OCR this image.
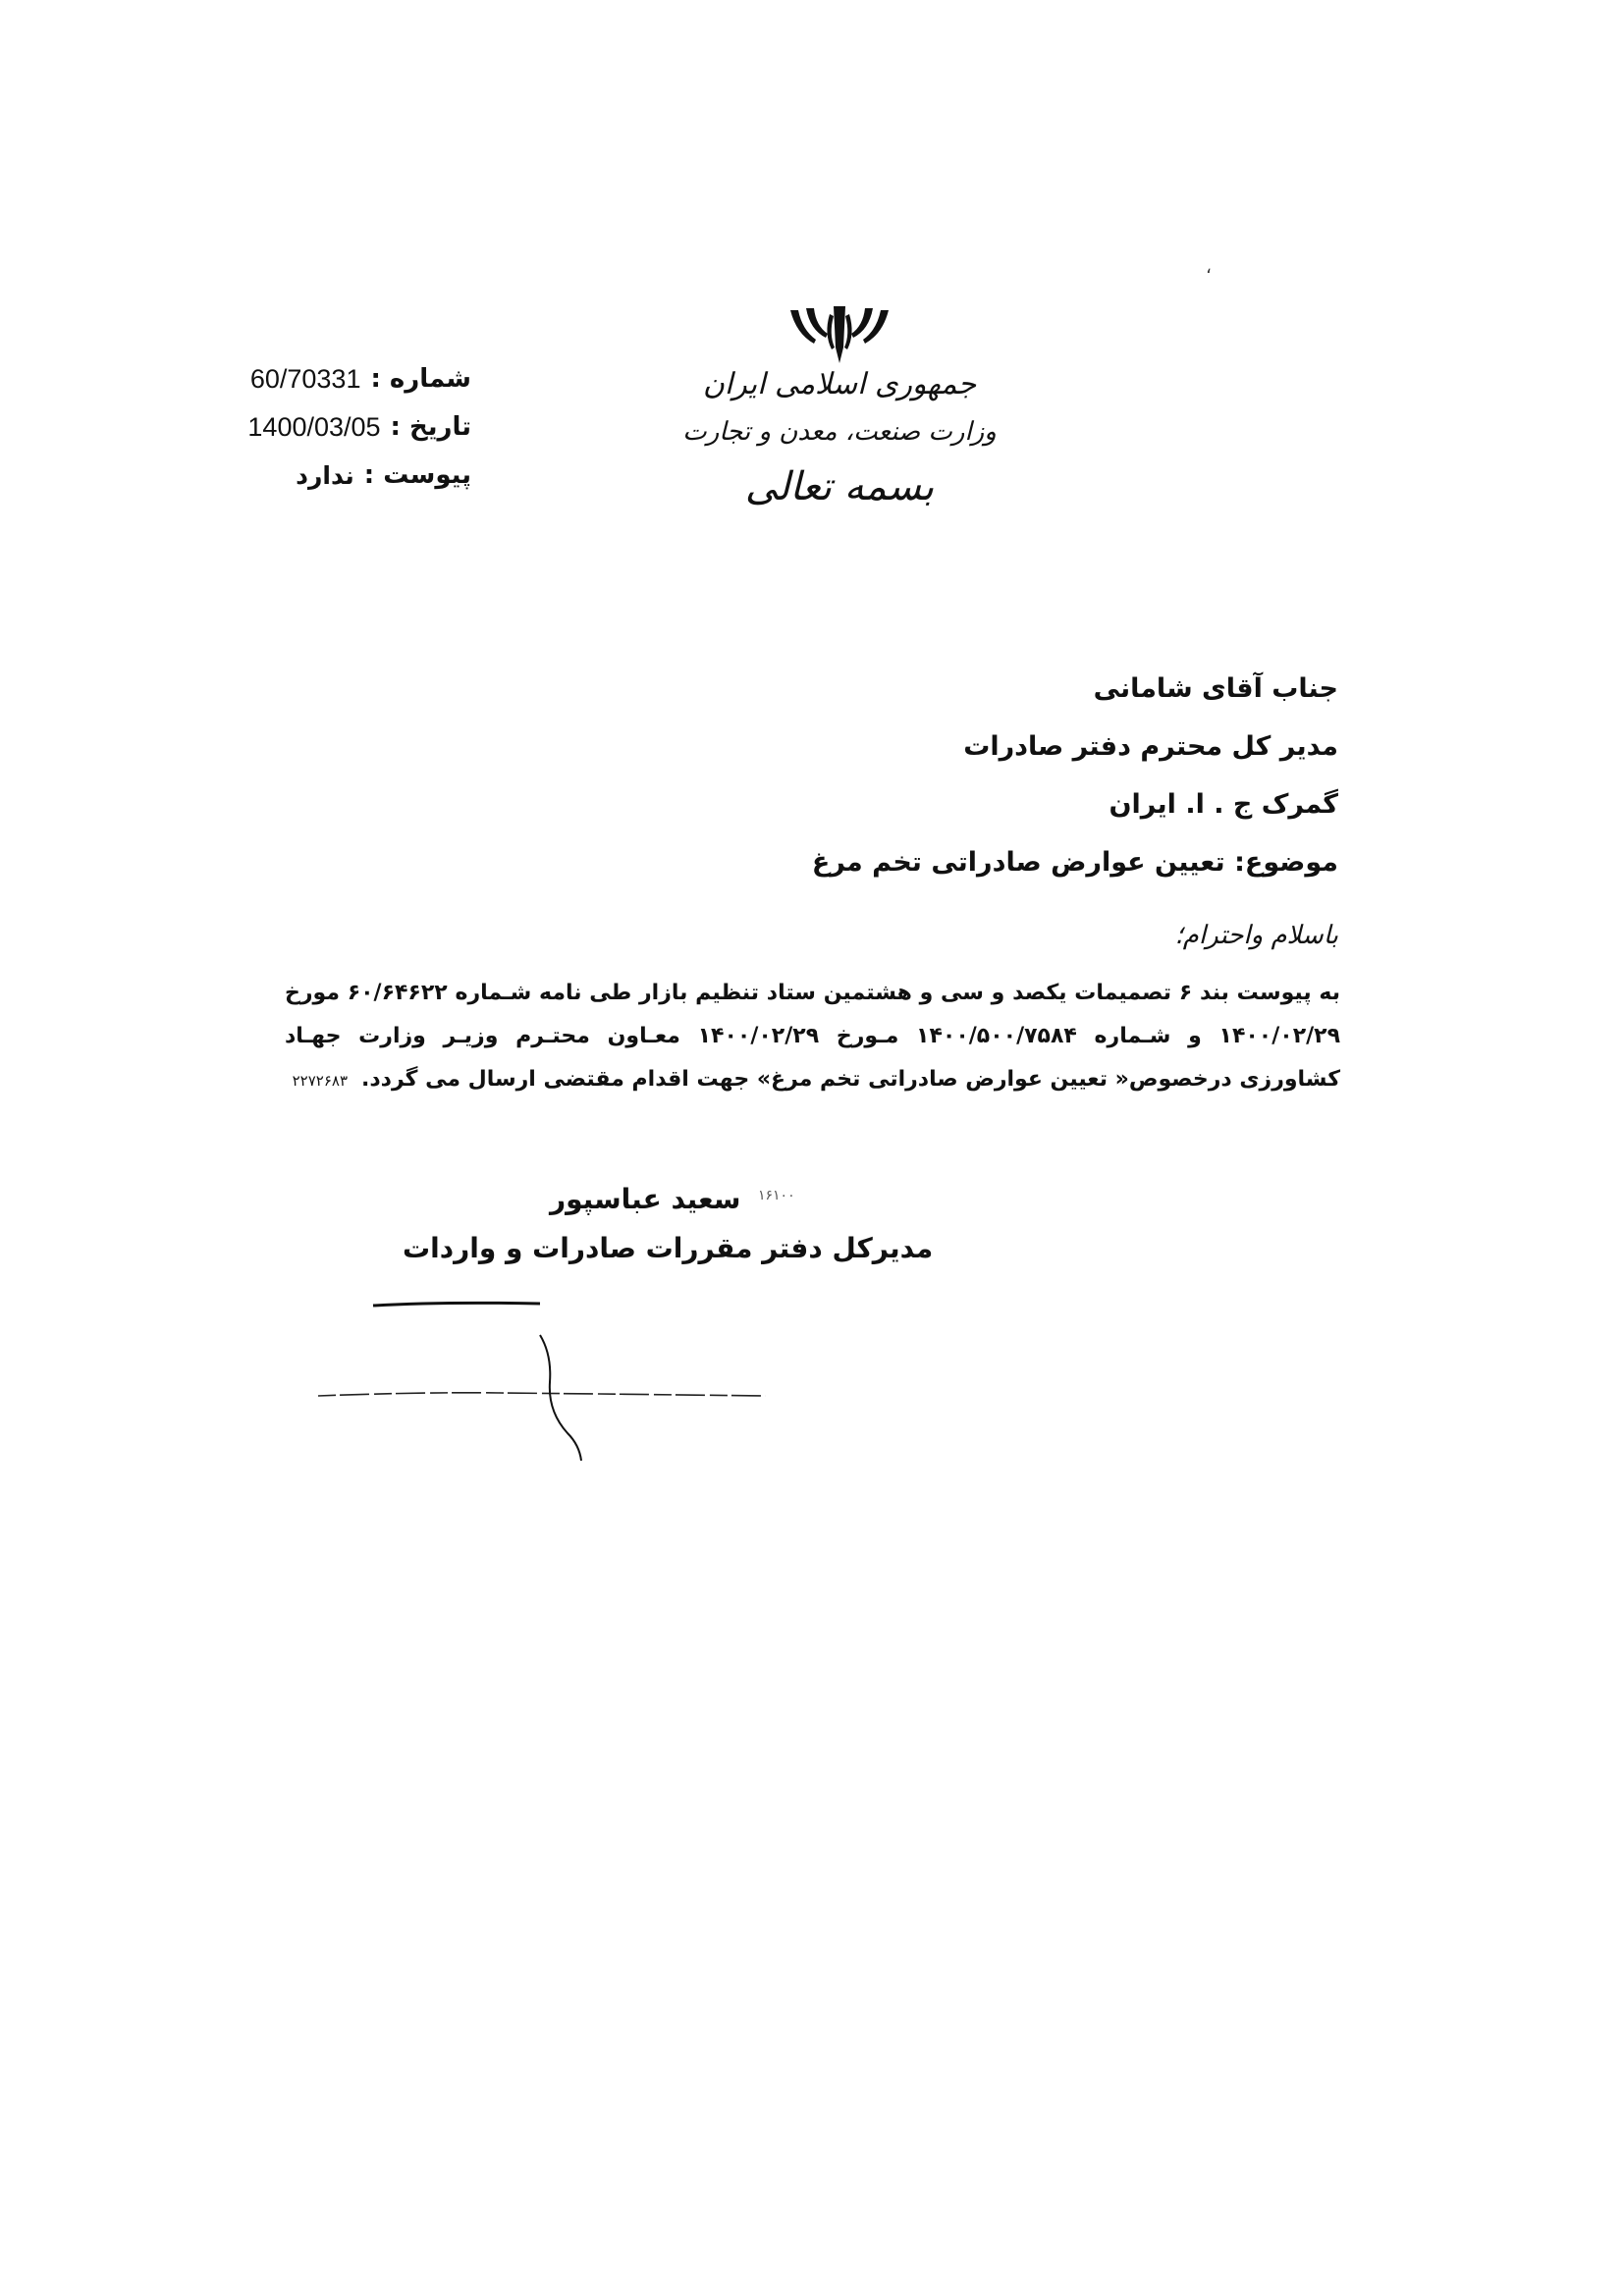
،
جمهوری اسلامی ایران
وزارت صنعت، معدن و تجارت
بسمه تعالی
شماره :
60/70331
تاریخ :
1400/03/05
پیوست :
ندارد
جناب آقای شامانی
مدیر کل محترم دفتر صادرات
گمرک ج . ا. ایران
موضوع: تعیین عوارض صادراتی تخم مرغ
باسلام واحترام؛
به پیوست بند ۶ تصمیمات یکصد و سی و هشتمین ستاد تنظیم بازار طی نامه شـماره ۶۰/۶۴۶۲۲ مورخ ۱۴۰۰/۰۲/۲۹ و شـماره ۱۴۰۰/۵۰۰/۷۵۸۴ مـورخ ۱۴۰۰/۰۲/۲۹ معـاون محتـرم وزیـر وزارت جهـاد کشاورزی درخصوص« تعیین عوارض صادراتی تخم مرغ» جهت اقدام مقتضی ارسال می گردد.۲۲۷۲۶۸۳
۱۶۱۰۰
سعید عباسپور
مدیرکل دفتر مقررات صادرات و واردات
